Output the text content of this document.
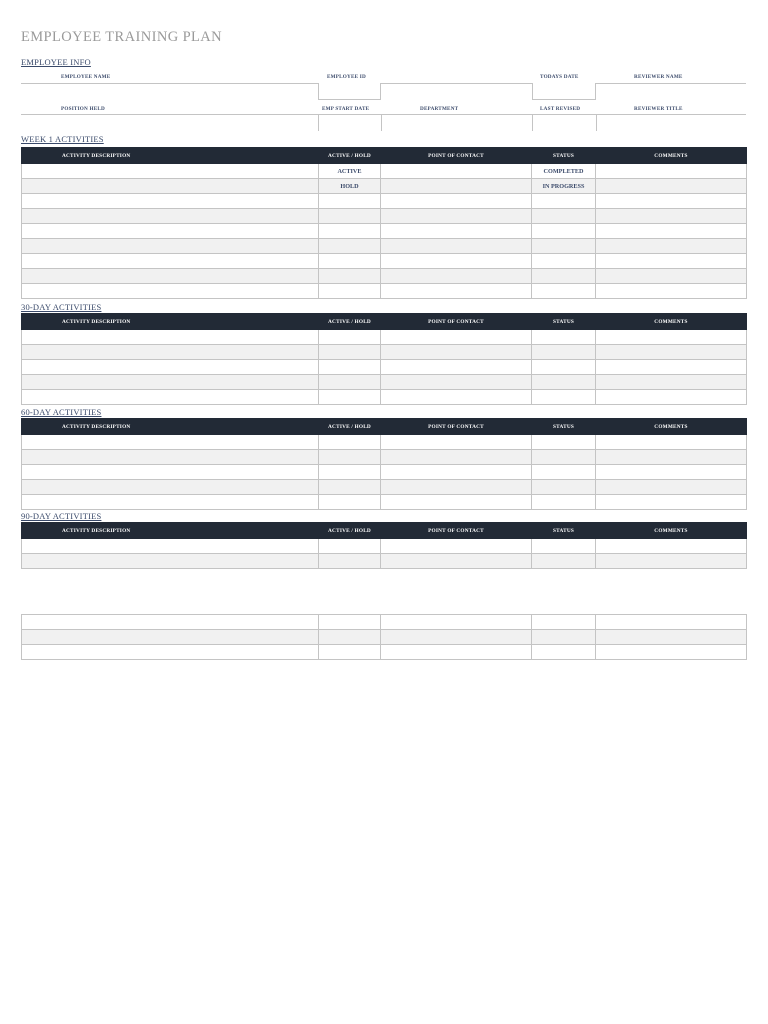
EMPLOYEE TRAINING PLAN
EMPLOYEE INFO
EMPLOYEE NAME	EMPLOYEE ID	TODAYS DATE	REVIEWER NAME
POSITION HELD	EMP START DATE	DEPARTMENT	LAST REVISED	REVIEWER TITLE
WEEK 1 ACTIVITIES
ACTIVITY DESCRIPTION	ACTIVE / HOLD	POINT OF CONTACT	STATUS	COMMENTS
	ACTIVE		COMPLETED	
	HOLD		IN PROGRESS	

30-DAY ACTIVITIES
ACTIVITY DESCRIPTION	ACTIVE / HOLD	POINT OF CONTACT	STATUS	COMMENTS

60-DAY ACTIVITIES
ACTIVITY DESCRIPTION	ACTIVE / HOLD	POINT OF CONTACT	STATUS	COMMENTS

90-DAY ACTIVITIES
ACTIVITY DESCRIPTION	ACTIVE / HOLD	POINT OF CONTACT	STATUS	COMMENTS
